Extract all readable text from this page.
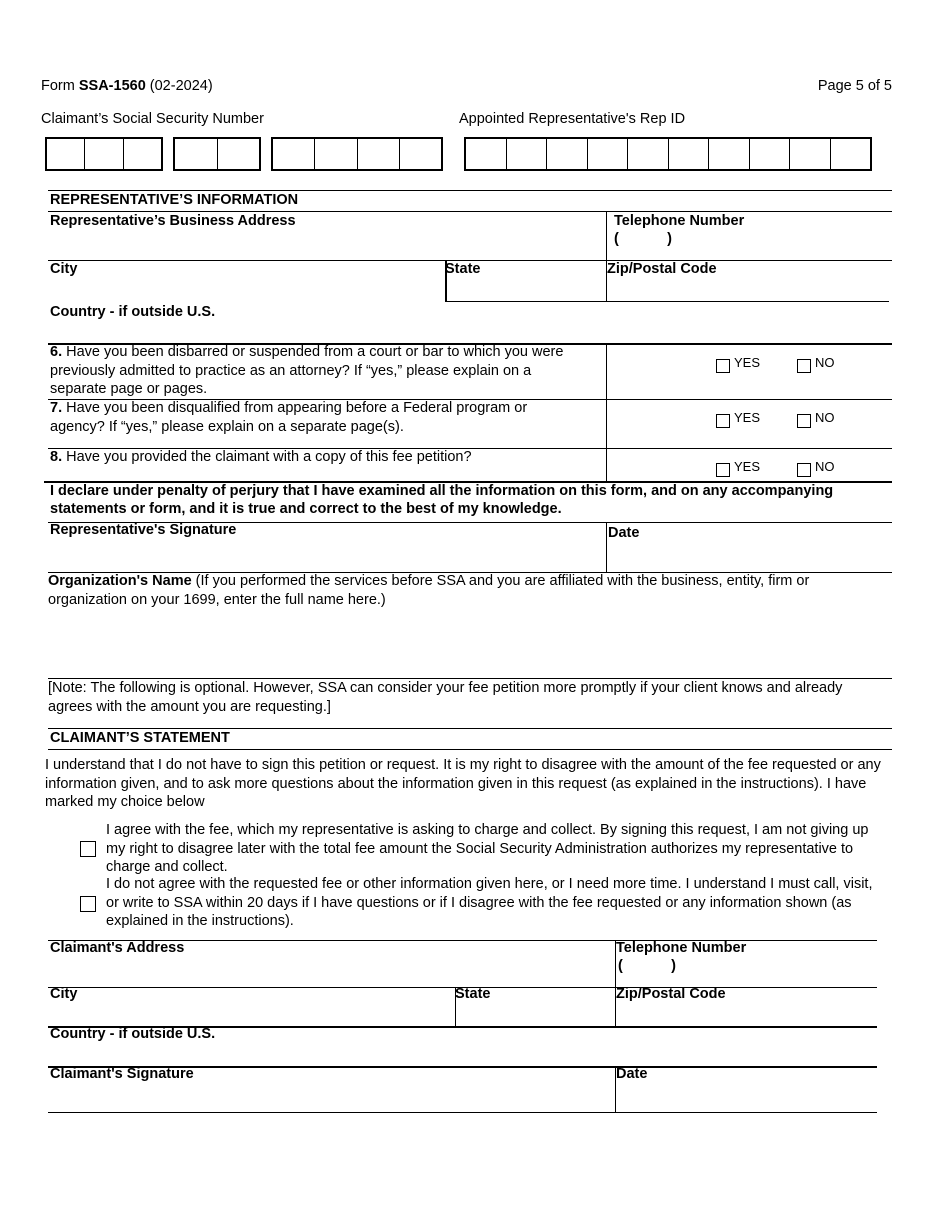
Form SSA-1560 (02-2024)	Page 5 of 5
Claimant’s Social Security Number	Appointed Representative's Rep ID
REPRESENTATIVE’S INFORMATION
Representative’s Business Address	Telephone Number
(            )
City	State	Zip/Postal Code
Country - if outside U.S.
6. Have you been disbarred or suspended from a court or bar to which you were previously admitted to practice as an attorney? If “yes,” please explain on a separate page or pages.
YES	NO
7. Have you been disqualified from appearing before a Federal program or agency? If “yes,” please explain on a separate page(s).
YES	NO
8. Have you provided the claimant with a copy of this fee petition?
YES	NO
I declare under penalty of perjury that I have examined all the information on this form, and on any accompanying statements or form, and it is true and correct to the best of my knowledge.
Representative's Signature	Date
Organization's Name (If you performed the services before SSA and you are affiliated with the business, entity, firm or organization on your 1699, enter the full name here.)
[Note: The following is optional. However, SSA can consider your fee petition more promptly if your client knows and already agrees with the amount you are requesting.]
CLAIMANT’S STATEMENT
I understand that I do not have to sign this petition or request. It is my right to disagree with the amount of the fee requested or any information given, and to ask more questions about the information given in this request (as explained in the instructions). I have marked my choice below
I agree with the fee, which my representative is asking to charge and collect. By signing this request, I am not giving up my right to disagree later with the total fee amount the Social Security Administration authorizes my representative to charge and collect.
I do not agree with the requested fee or other information given here, or I need more time. I understand I must call, visit, or write to SSA within 20 days if I have questions or if I disagree with the fee requested or any information shown (as explained in the instructions).
Claimant's Address	Telephone Number
(            )
City	State	Zip/Postal Code
Country - if outside U.S.
Claimant's Signature	Date
